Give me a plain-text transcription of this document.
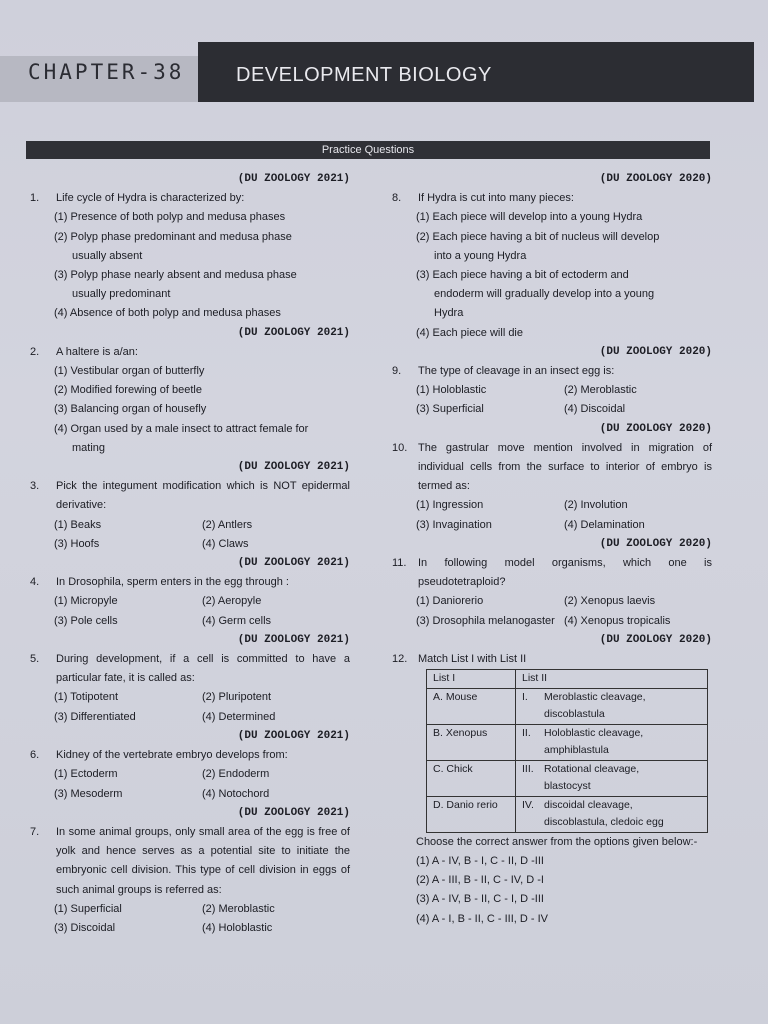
CHAPTER-38	DEVELOPMENT BIOLOGY
Practice Questions
(DU ZOOLOGY 2021)
1.	Life cycle of Hydra is characterized by:
(1) Presence of both polyp and medusa phases
(2) Polyp phase predominant and medusa phase
usually absent
(3) Polyp phase nearly absent and medusa phase
usually predominant
(4) Absence of both polyp and medusa phases
(DU ZOOLOGY 2021)
2.	A haltere is a/an:
(1) Vestibular organ of butterfly
(2) Modified forewing of beetle
(3) Balancing organ of housefly
(4) Organ used by a male insect to attract female for
mating
(DU ZOOLOGY 2021)
3.	Pick the integument modification which is NOT epidermal derivative:
(1) Beaks	(2) Antlers
(3) Hoofs	(4) Claws
(DU ZOOLOGY 2021)
4.	In Drosophila, sperm enters in the egg through :
(1) Micropyle	(2) Aeropyle
(3) Pole cells	(4) Germ cells
(DU ZOOLOGY 2021)
5.	During development, if a cell is committed to have a particular fate, it is called as:
(1) Totipotent	(2) Pluripotent
(3) Differentiated	(4) Determined
(DU ZOOLOGY 2021)
6.	Kidney of the vertebrate embryo develops from:
(1) Ectoderm	(2) Endoderm
(3) Mesoderm	(4) Notochord
(DU ZOOLOGY 2021)
7.	In some animal groups, only small area of the egg is free of yolk and hence serves as a potential site to initiate the embryonic cell division. This type of cell division in eggs of such animal groups is referred as:
(1) Superficial	(2) Meroblastic
(3) Discoidal	(4) Holoblastic
(DU ZOOLOGY 2020)
8.	If Hydra is cut into many pieces:
(1) Each piece will develop into a young Hydra
(2) Each piece having a bit of nucleus will develop
into a young Hydra
(3) Each piece having a bit of ectoderm and
endoderm will gradually develop into a young
Hydra
(4) Each piece will die
(DU ZOOLOGY 2020)
9.	The type of cleavage in an insect egg is:
(1) Holoblastic	(2) Meroblastic
(3) Superficial	(4) Discoidal
(DU ZOOLOGY 2020)
10. The gastrular move mention involved in migration of individual cells from the surface to interior of embryo is termed as:
(1) Ingression	(2) Involution
(3) Invagination	(4) Delamination
(DU ZOOLOGY 2020)
11.	In following model organisms, which one is pseudotetraploid?
(1) Daniorerio	(2) Xenopus laevis
(3) Drosophila melanogaster (4) Xenopus tropicalis
(DU ZOOLOGY 2020)
12. Match List I with List II
List I	List II
A. Mouse	I. Meroblastic cleavage,
discoblastula
B. Xenopus	II. Holoblastic cleavage,
amphiblastula
C. Chick	III. Rotational cleavage,
blastocyst
D. Danio rerio	IV. discoidal cleavage,
discoblastula, cledoic egg
Choose the correct answer from the options given below:-
(1) A - IV, B - I, C - II, D -III
(2) A - III, B - II, C - IV, D -I
(3) A - IV, B - II, C - I, D -III
(4) A - I, B - II, C - III, D - IV
